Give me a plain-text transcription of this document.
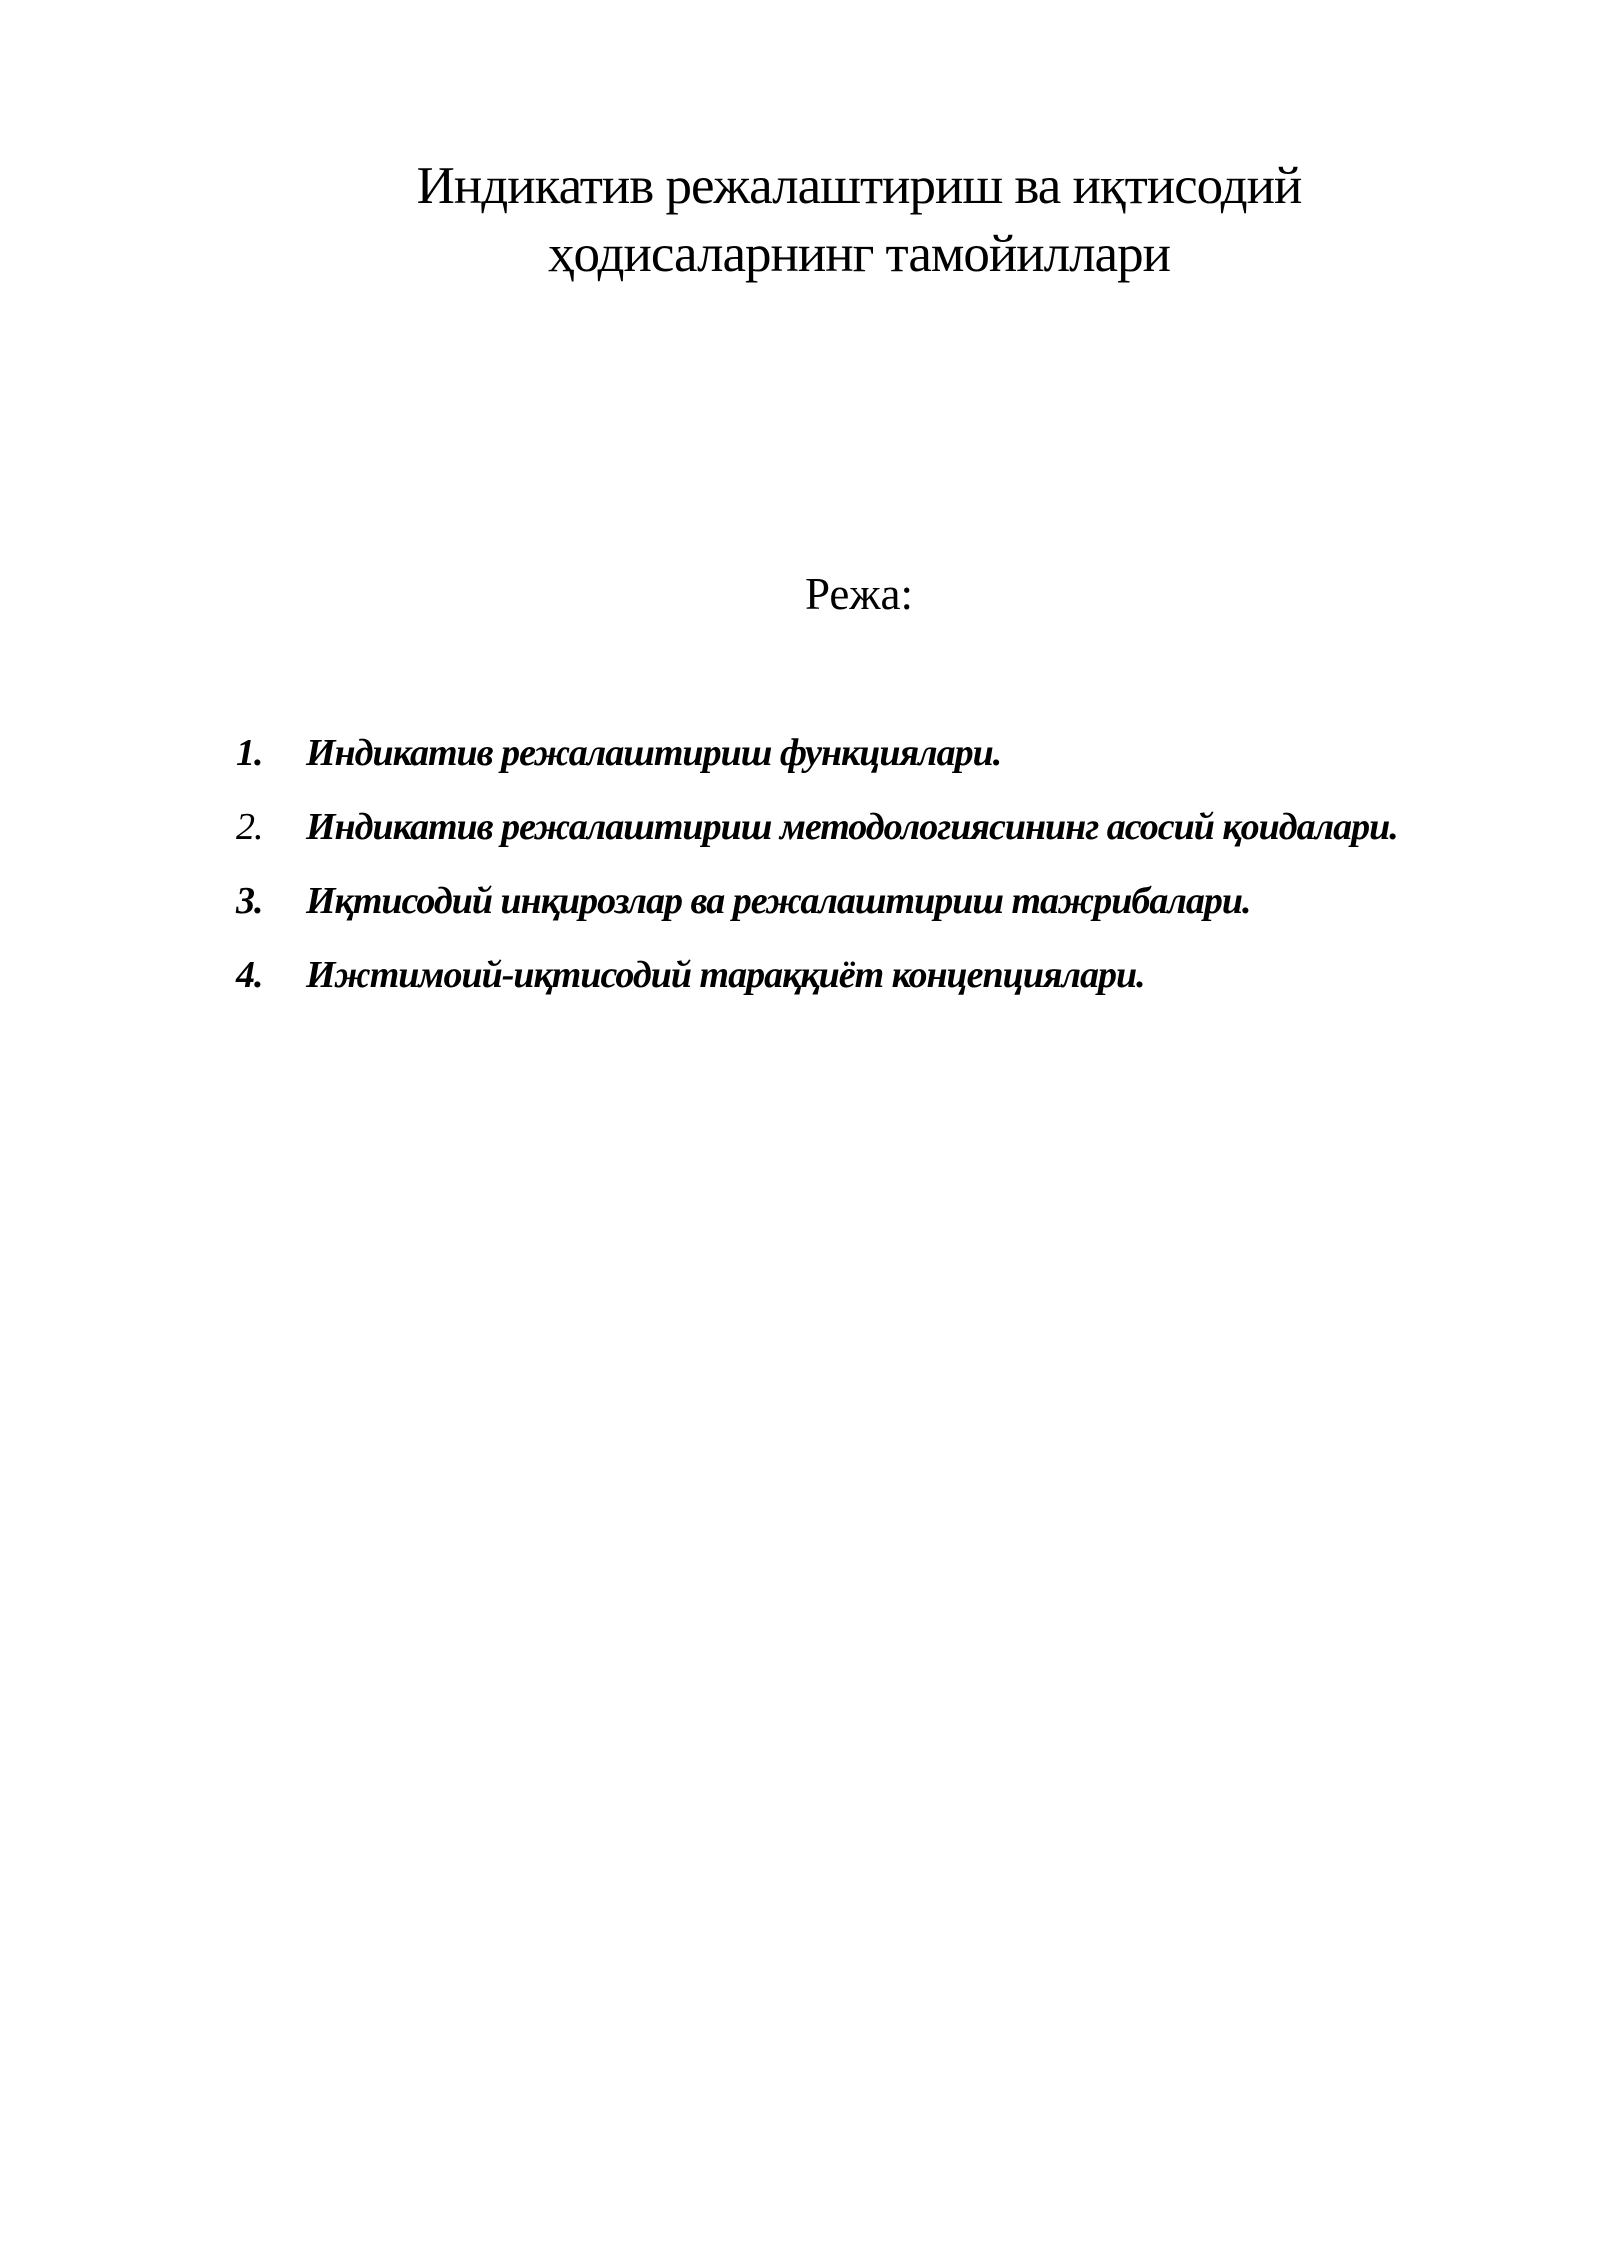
Индикатив режалаштириш ва иқтисодий
ҳодисаларнинг тамойиллари
Режа:
1.	Индикатив режалаштириш функциялари.
2.	Индикатив режалаштириш методологиясининг асосий қоидалари.
3.	Иқтисодий инқирозлар ва режалаштириш тажрибалари.
4.	Ижтимоий-иқтисодий тараққиёт концепциялари.
